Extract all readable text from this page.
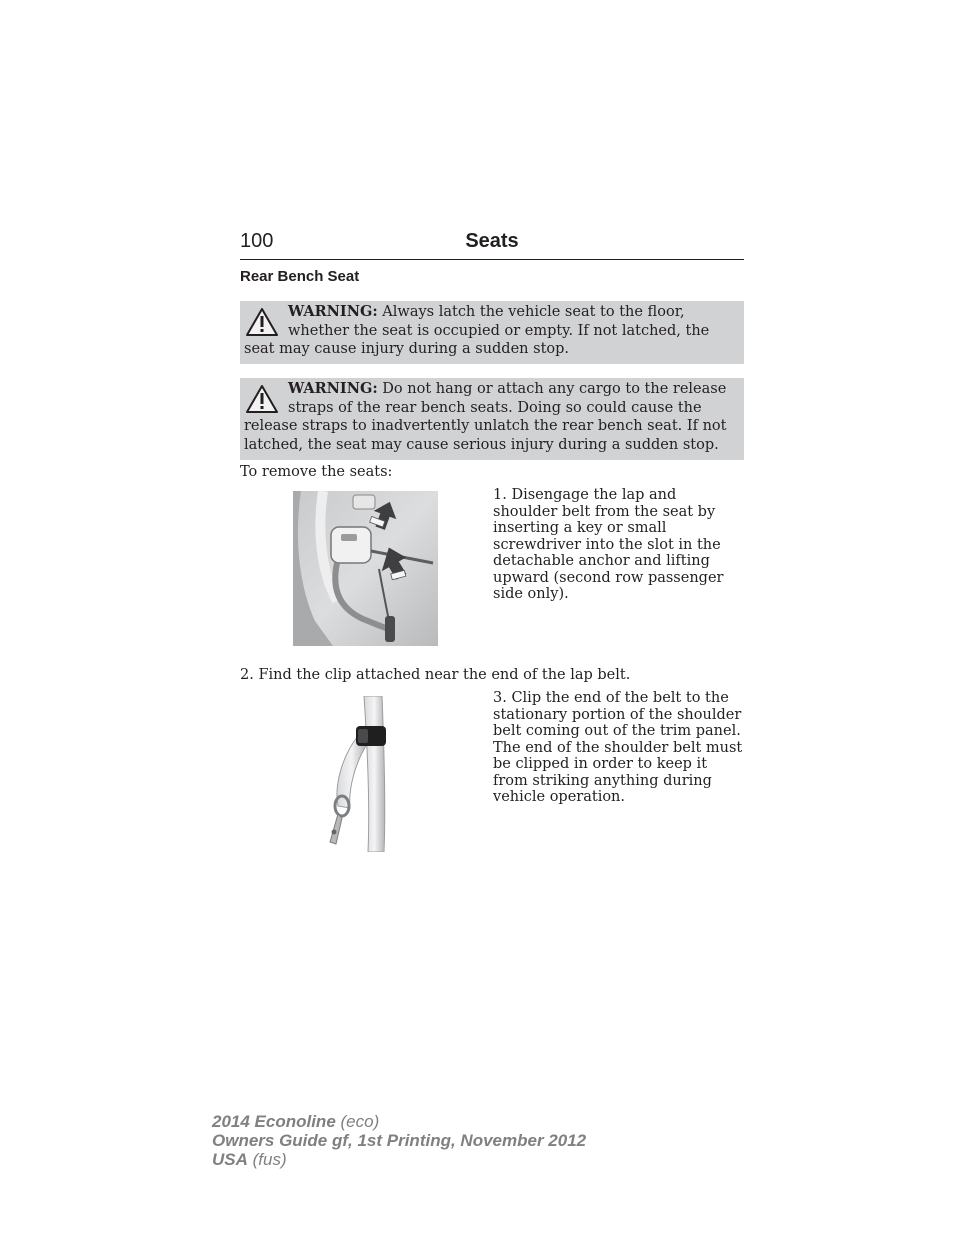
100	Seats
Rear Bench Seat
WARNING: Always latch the vehicle seat to the floor, whether the seat is occupied or empty. If not latched, the seat may cause injury during a sudden stop.
WARNING: Do not hang or attach any cargo to the release straps of the rear bench seats. Doing so could cause the release straps to inadvertently unlatch the rear bench seat. If not latched, the seat may cause serious injury during a sudden stop.
To remove the seats:
1. Disengage the lap and shoulder belt from the seat by inserting a key or small screwdriver into the slot in the detachable anchor and lifting upward (second row passenger side only).
2. Find the clip attached near the end of the lap belt.
3. Clip the end of the belt to the stationary portion of the shoulder belt coming out of the trim panel. The end of the shoulder belt must be clipped in order to keep it from striking anything during vehicle operation.
2014 Econoline (eco)
Owners Guide gf, 1st Printing, November 2012
USA (fus)
